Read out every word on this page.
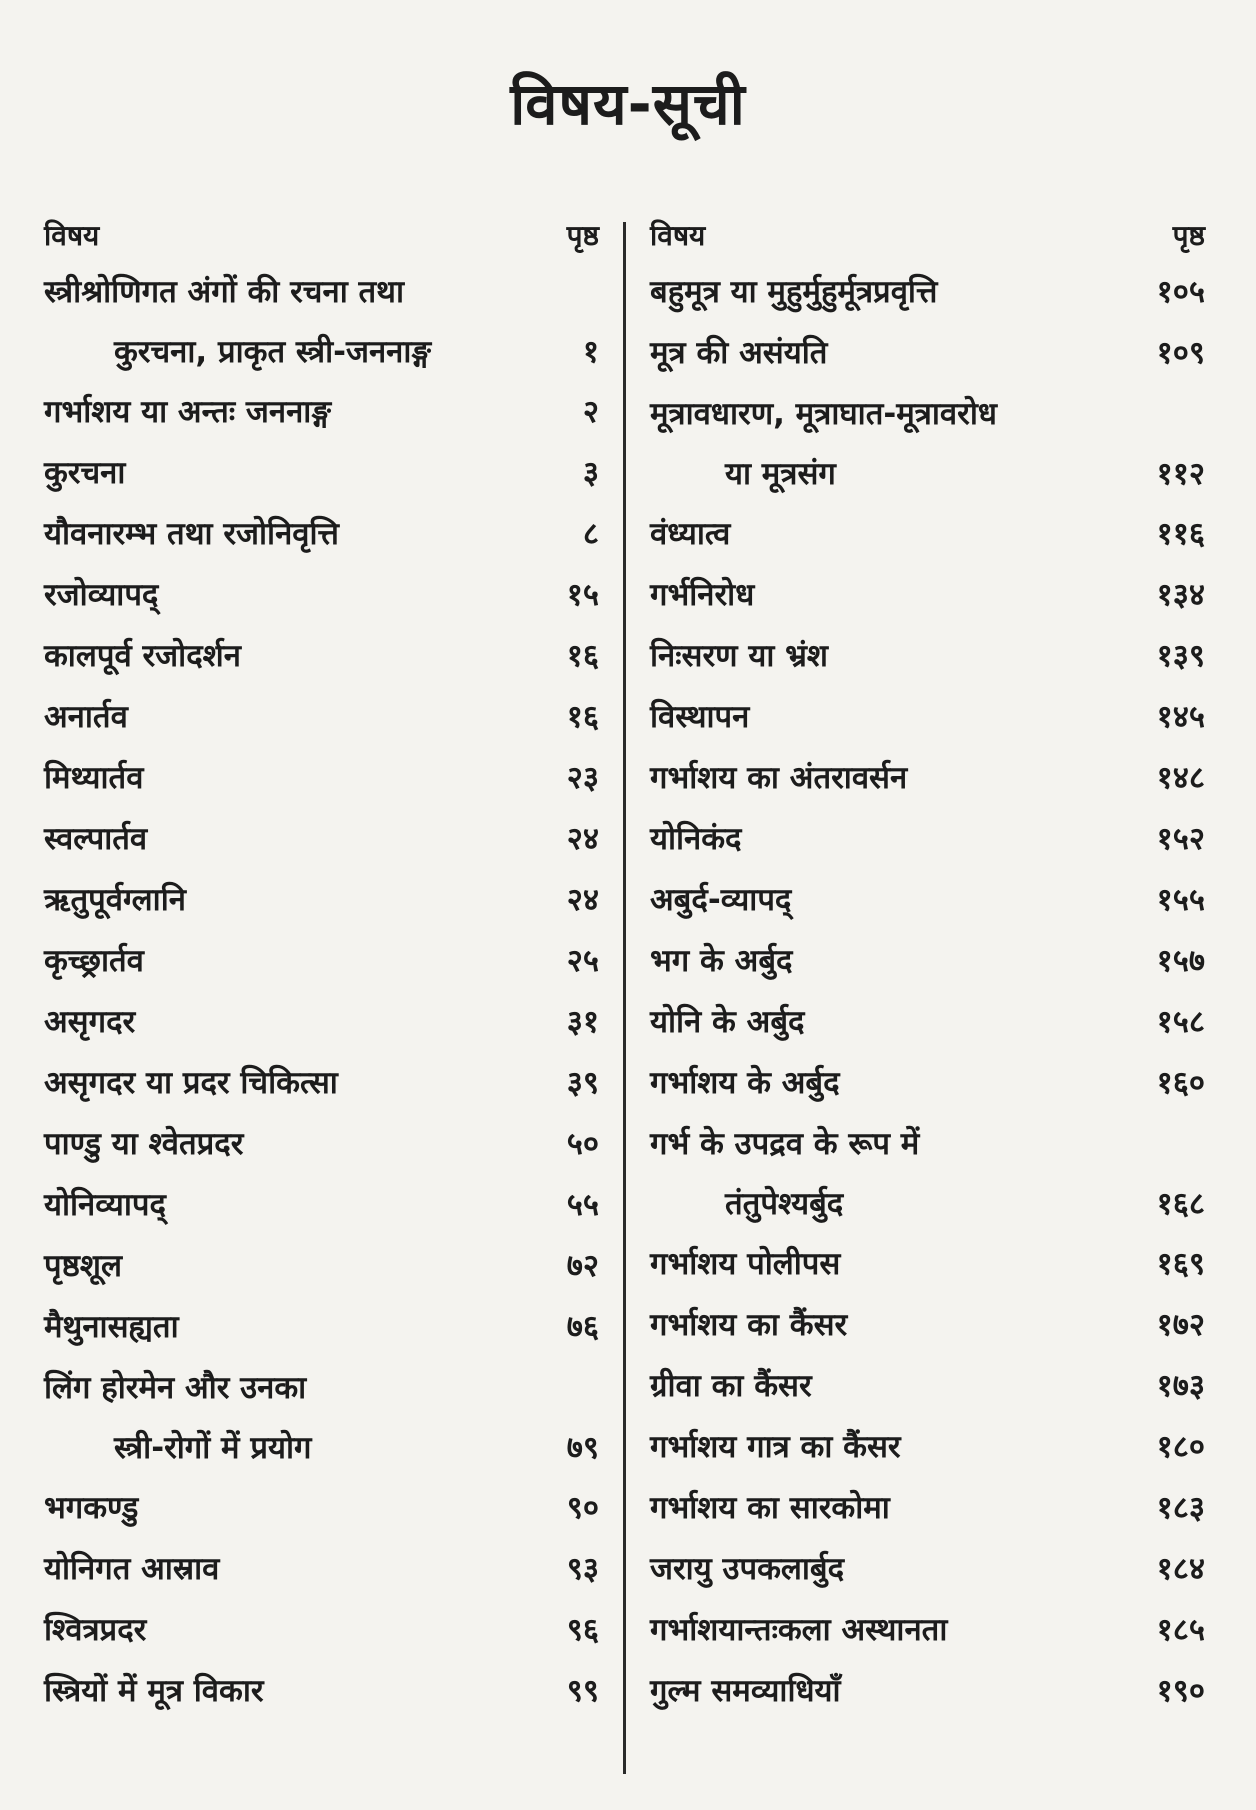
विषय-सूची
विषय	पृष्ठ
स्त्रीश्रोणिगत अंगों की रचना तथा
कुरचना, प्राकृत स्त्री-जननाङ्ग	१
गर्भाशय या अन्तः जननाङ्ग	२
कुरचना	३
यौवनारम्भ तथा रजोनिवृत्ति	८
रजोव्यापद्	१५
कालपूर्व रजोदर्शन	१६
अनार्तव	१६
मिथ्यार्तव	२३
स्वल्पार्तव	२४
ऋतुपूर्वग्लानि	२४
कृच्छ्रार्तव	२५
असृगदर	३१
असृगदर या प्रदर चिकित्सा	३९
पाण्डु या श्वेतप्रदर	५०
योनिव्यापद्	५५
पृष्ठशूल	७२
मैथुनासह्यता	७६
लिंग होरमेन और उनका
स्त्री-रोगों में प्रयोग	७९
भगकण्डु	९०
योनिगत आस्राव	९३
श्वित्रप्रदर	९६
स्त्रियों में मूत्र विकार	९९
विषय	पृष्ठ
बहुमूत्र या मुहुर्मुहुर्मूत्रप्रवृत्ति	१०५
मूत्र की असंयति	१०९
मूत्रावधारण, मूत्राघात-मूत्रावरोध
या मूत्रसंग	११२
वंध्यात्व	११६
गर्भनिरोध	१३४
निःसरण या भ्रंश	१३९
विस्थापन	१४५
गर्भाशय का अंतरावर्सन	१४८
योनिकंद	१५२
अबुर्द-व्यापद्	१५५
भग के अर्बुद	१५७
योनि के अर्बुद	१५८
गर्भाशय के अर्बुद	१६०
गर्भ के उपद्रव के रूप में
तंतुपेश्यर्बुद	१६८
गर्भाशय पोलीपस	१६९
गर्भाशय का कैंसर	१७२
ग्रीवा का कैंसर	१७३
गर्भाशय गात्र का कैंसर	१८०
गर्भाशय का सारकोमा	१८३
जरायु उपकलार्बुद	१८४
गर्भाशयान्तःकला अस्थानता	१८५
गुल्म समव्याधियाँ	१९०
